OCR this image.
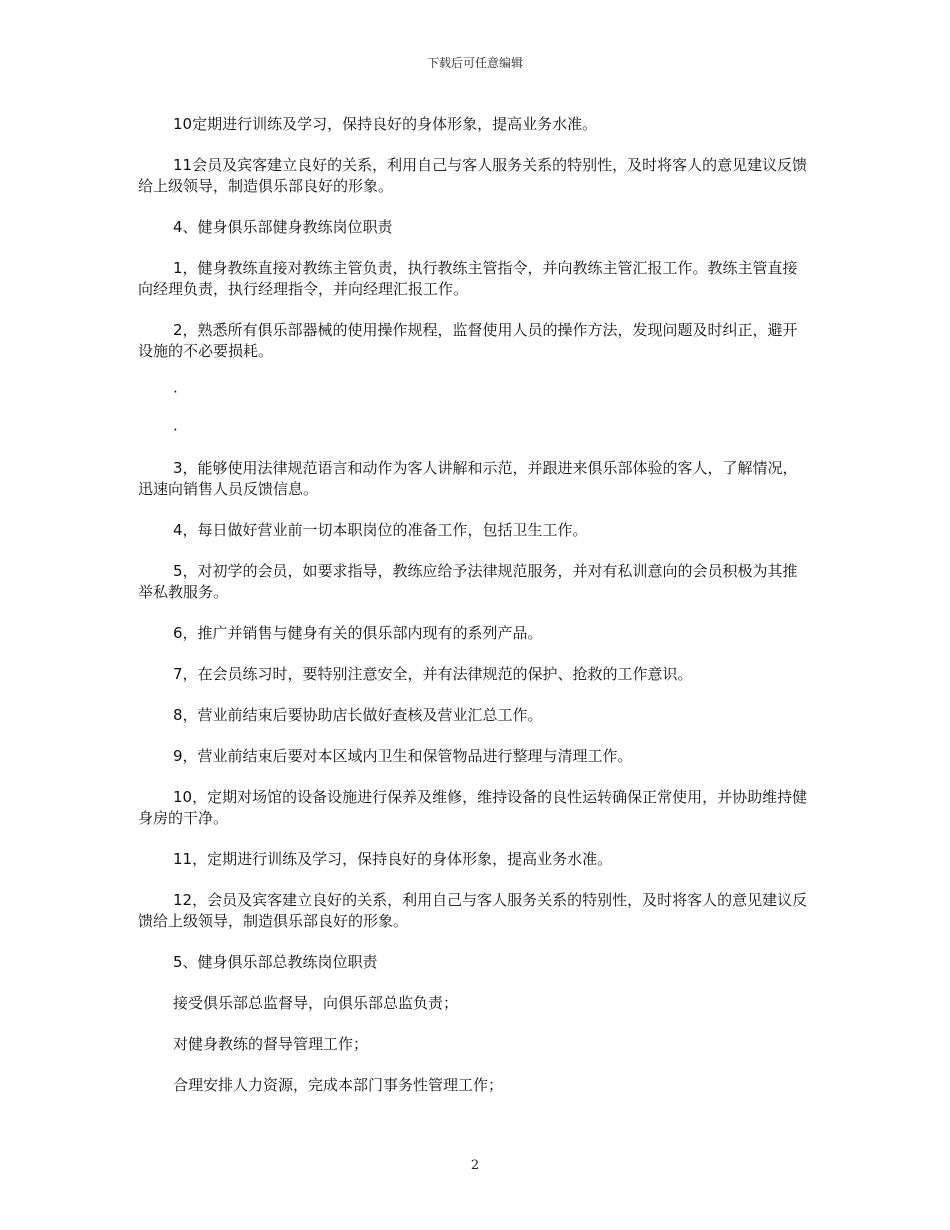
下载后可任意编辑

10定期进行训练及学习，保持良好的身体形象，提高业务水准。

11会员及宾客建立良好的关系，利用自己与客人服务关系的特别性，及时将客人的意见建议反馈给上级领导，制造俱乐部良好的形象。

4、健身俱乐部健身教练岗位职责

1，健身教练直接对教练主管负责，执行教练主管指令，并向教练主管汇报工作。教练主管直接向经理负责，执行经理指令，并向经理汇报工作。

2，熟悉所有俱乐部器械的使用操作规程，监督使用人员的操作方法，发现问题及时纠正，避开设施的不必要损耗。

·

·

3，能够使用法律规范语言和动作为客人讲解和示范，并跟进来俱乐部体验的客人，了解情况，迅速向销售人员反馈信息。

4，每日做好营业前一切本职岗位的准备工作，包括卫生工作。

5，对初学的会员，如要求指导，教练应给予法律规范服务，并对有私训意向的会员积极为其推举私教服务。

6，推广并销售与健身有关的俱乐部内现有的系列产品。

7，在会员练习时，要特别注意安全，并有法律规范的保护、抢救的工作意识。

8，营业前结束后要协助店长做好查核及营业汇总工作。

9，营业前结束后要对本区域内卫生和保管物品进行整理与清理工作。

10，定期对场馆的设备设施进行保养及维修，维持设备的良性运转确保正常使用，并协助维持健身房的干净。

11，定期进行训练及学习，保持良好的身体形象，提高业务水准。

12，会员及宾客建立良好的关系，利用自己与客人服务关系的特别性，及时将客人的意见建议反馈给上级领导，制造俱乐部良好的形象。

5、健身俱乐部总教练岗位职责

接受俱乐部总监督导，向俱乐部总监负责；

对健身教练的督导管理工作；

合理安排人力资源，完成本部门事务性管理工作；

2
